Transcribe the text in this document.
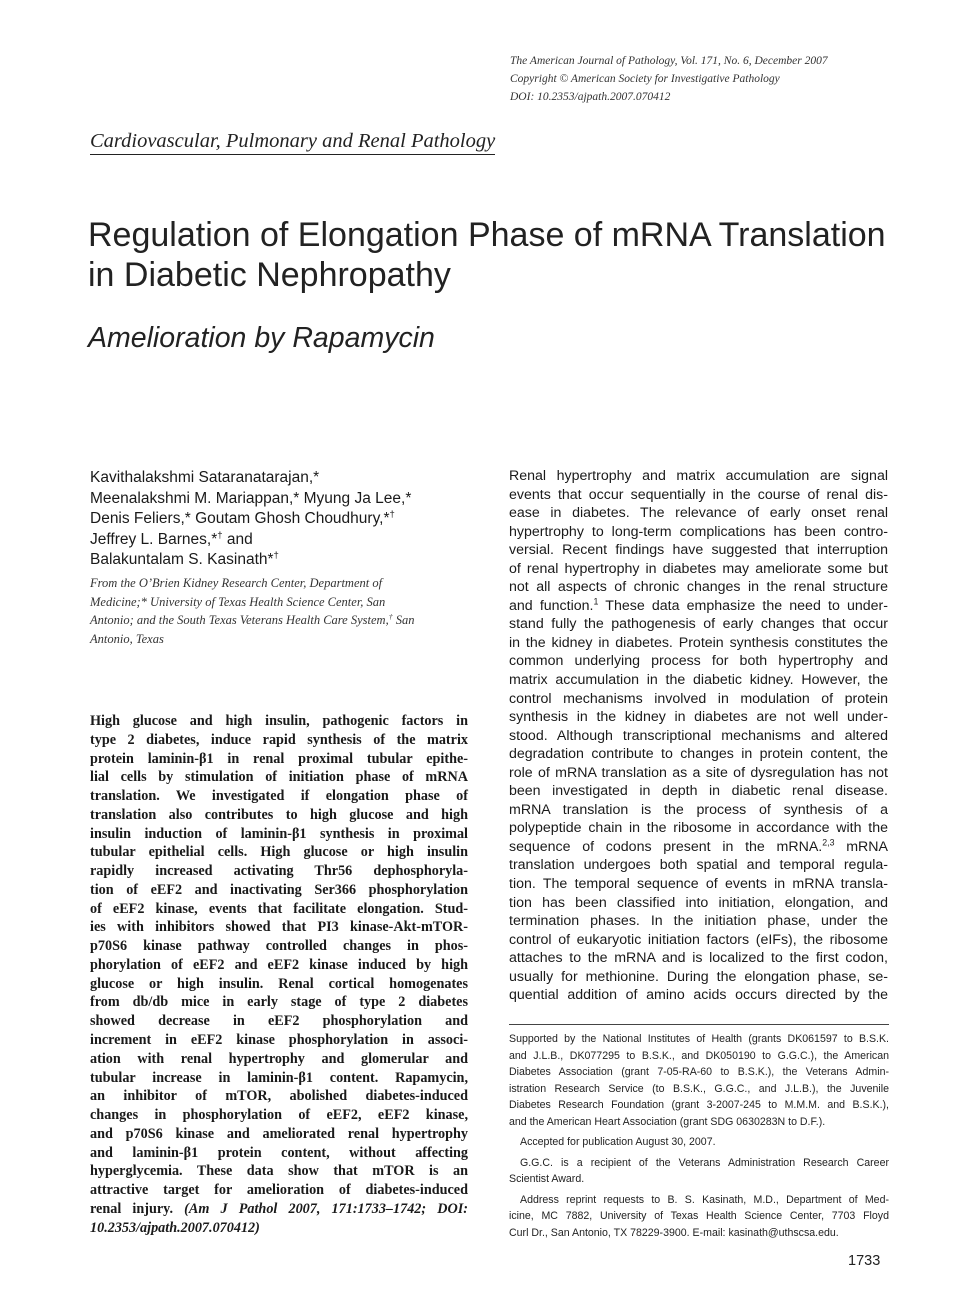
The American Journal of Pathology, Vol. 171, No. 6, December 2007
Copyright © American Society for Investigative Pathology
DOI: 10.2353/ajpath.2007.070412
Cardiovascular, Pulmonary and Renal Pathology
Regulation of Elongation Phase of mRNA Translation
in Diabetic Nephropathy
Amelioration by Rapamycin
Kavithalakshmi Sataranatarajan,*
Meenalakshmi M. Mariappan,* Myung Ja Lee,*
Denis Feliers,* Goutam Ghosh Choudhury,*†
Jeffrey L. Barnes,*† and
Balakuntalam S. Kasinath*†
From the O’Brien Kidney Research Center, Department of
Medicine;* University of Texas Health Science Center, San
Antonio; and the South Texas Veterans Health Care System,† San
Antonio, Texas
High glucose and high insulin, pathogenic factors in
type 2 diabetes, induce rapid synthesis of the matrix
protein laminin-β1 in renal proximal tubular epithe-
lial cells by stimulation of initiation phase of mRNA
translation. We investigated if elongation phase of
translation also contributes to high glucose and high
insulin induction of laminin-β1 synthesis in proximal
tubular epithelial cells. High glucose or high insulin
rapidly increased activating Thr56 dephosphoryla-
tion of eEF2 and inactivating Ser366 phosphorylation
of eEF2 kinase, events that facilitate elongation. Stud-
ies with inhibitors showed that PI3 kinase-Akt-mTOR-
p70S6 kinase pathway controlled changes in phos-
phorylation of eEF2 and eEF2 kinase induced by high
glucose or high insulin. Renal cortical homogenates
from db/db mice in early stage of type 2 diabetes
showed decrease in eEF2 phosphorylation and
increment in eEF2 kinase phosphorylation in associ-
ation with renal hypertrophy and glomerular and
tubular increase in laminin-β1 content. Rapamycin,
an inhibitor of mTOR, abolished diabetes-induced
changes in phosphorylation of eEF2, eEF2 kinase,
and p70S6 kinase and ameliorated renal hypertrophy
and laminin-β1 protein content, without affecting
hyperglycemia. These data show that mTOR is an
attractive target for amelioration of diabetes-induced
renal injury. (Am J Pathol 2007, 171:1733–1742; DOI:
10.2353/ajpath.2007.070412)
Renal hypertrophy and matrix accumulation are signal
events that occur sequentially in the course of renal dis-
ease in diabetes. The relevance of early onset renal
hypertrophy to long-term complications has been contro-
versial. Recent findings have suggested that interruption
of renal hypertrophy in diabetes may ameliorate some but
not all aspects of chronic changes in the renal structure
and function.$^1$ These data emphasize the need to under-
stand fully the pathogenesis of early changes that occur
in the kidney in diabetes. Protein synthesis constitutes the
common underlying process for both hypertrophy and
matrix accumulation in the diabetic kidney. However, the
control mechanisms involved in modulation of protein
synthesis in the kidney in diabetes are not well under-
stood. Although transcriptional mechanisms and altered
degradation contribute to changes in protein content, the
role of mRNA translation as a site of dysregulation has not
been investigated in depth in diabetic renal disease.
mRNA translation is the process of synthesis of a
polypeptide chain in the ribosome in accordance with the
sequence of codons present in the mRNA.$^{2,3}$ mRNA
translation undergoes both spatial and temporal regula-
tion. The temporal sequence of events in mRNA transla-
tion has been classified into initiation, elongation, and
termination phases. In the initiation phase, under the
control of eukaryotic initiation factors (eIFs), the ribosome
attaches to the mRNA and is localized to the first codon,
usually for methionine. During the elongation phase, se-
quential addition of amino acids occurs directed by the

Supported by the National Institutes of Health (grants DK061597 to B.S.K.
and J.L.B., DK077295 to B.S.K., and DK050190 to G.G.C.), the American
Diabetes Association (grant 7-05-RA-60 to B.S.K.), the Veterans Admin-
istration Research Service (to B.S.K., G.G.C., and J.L.B.), the Juvenile
Diabetes Research Foundation (grant 3-2007-245 to M.M.M. and B.S.K.),
and the American Heart Association (grant SDG 0630283N to D.F.).

Accepted for publication August 30, 2007.

G.G.C. is a recipient of the Veterans Administration Research Career
Scientist Award.

Address reprint requests to B. S. Kasinath, M.D., Department of Med-
icine, MC 7882, University of Texas Health Science Center, 7703 Floyd
Curl Dr., San Antonio, TX 78229-3900. E-mail: kasinath@uthscsa.edu.

1733
